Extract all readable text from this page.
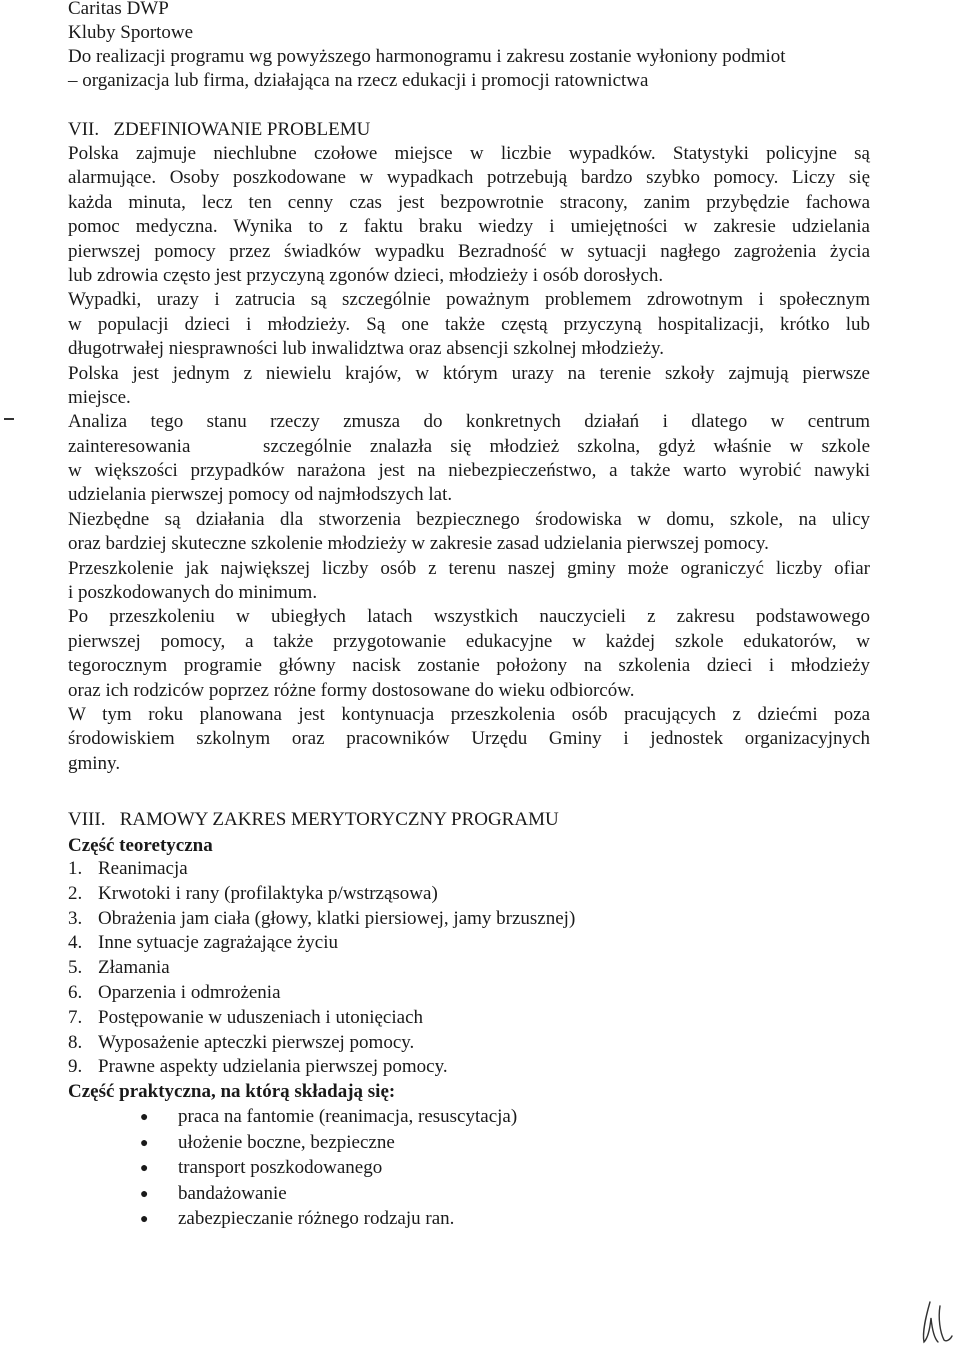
Caritas DWP
Kluby Sportowe
Do realizacji programu wg powyższego harmonogramu i zakresu zostanie wyłoniony podmiot
– organizacja lub firma, działająca na rzecz edukacji i promocji ratownictwa
VII.   ZDEFINIOWANIE PROBLEMU
Polska zajmuje niechlubne czołowe miejsce w liczbie wypadków. Statystyki policyjne są
alarmujące. Osoby poszkodowane w wypadkach potrzebują bardzo szybko pomocy. Liczy się
każda minuta, lecz ten cenny czas jest bezpowrotnie stracony, zanim przybędzie fachowa
pomoc medyczna. Wynika to z faktu braku wiedzy i umiejętności w zakresie udzielania
pierwszej pomocy przez świadków wypadku Bezradność w sytuacji nagłego zagrożenia życia
lub zdrowia często jest przyczyną zgonów dzieci, młodzieży i osób dorosłych.
Wypadki, urazy i zatrucia są szczególnie poważnym problemem zdrowotnym i społecznym
w populacji dzieci i młodzieży. Są one także częstą przyczyną hospitalizacji, krótko lub
długotrwałej niesprawności lub inwalidztwa oraz absencji szkolnej młodzieży.
Polska jest jednym z niewielu krajów, w którym urazy na terenie szkoły zajmują pierwsze
miejsce.
Analiza tego stanu rzeczy zmusza do konkretnych działań i dlatego w centrum
zainteresowania    szczególnie znalazła się młodzież szkolna, gdyż właśnie w szkole
w większości przypadków narażona jest na niebezpieczeństwo, a także warto wyrobić nawyki
udzielania pierwszej pomocy od najmłodszych lat.
Niezbędne są działania dla stworzenia bezpiecznego środowiska w domu, szkole, na ulicy
oraz bardziej skuteczne szkolenie młodzieży w zakresie zasad udzielania pierwszej pomocy.
Przeszkolenie jak największej liczby osób z terenu naszej gminy może ograniczyć liczby ofiar
i poszkodowanych do minimum.
Po przeszkoleniu w ubiegłych latach wszystkich nauczycieli z zakresu podstawowego
pierwszej pomocy, a także przygotowanie edukacyjne w każdej szkole edukatorów, w
tegorocznym programie główny nacisk zostanie położony na szkolenia dzieci i młodzieży
oraz ich rodziców poprzez różne formy dostosowane do wieku odbiorców.
W tym roku planowana jest kontynuacja przeszkolenia osób pracujących z dziećmi poza
środowiskiem szkolnym oraz pracowników Urzędu Gminy i jednostek organizacyjnych
gminy.
VIII.   RAMOWY ZAKRES MERYTORYCZNY PROGRAMU
Część teoretyczna
1. Reanimacja
2. Krwotoki i rany (profilaktyka p/wstrząsowa)
3. Obrażenia jam ciała (głowy, klatki piersiowej, jamy brzusznej)
4. Inne sytuacje zagrażające życiu
5. Złamania
6. Oparzenia i odmrożenia
7. Postępowanie w uduszeniach i utonięciach
8. Wyposażenie apteczki pierwszej pomocy.
9. Prawne aspekty udzielania pierwszej pomocy.
Część praktyczna, na którą składają się:
● praca na fantomie (reanimacja, resuscytacja)
● ułożenie boczne, bezpieczne
● transport poszkodowanego
● bandażowanie
● zabezpieczanie różnego rodzaju ran.
